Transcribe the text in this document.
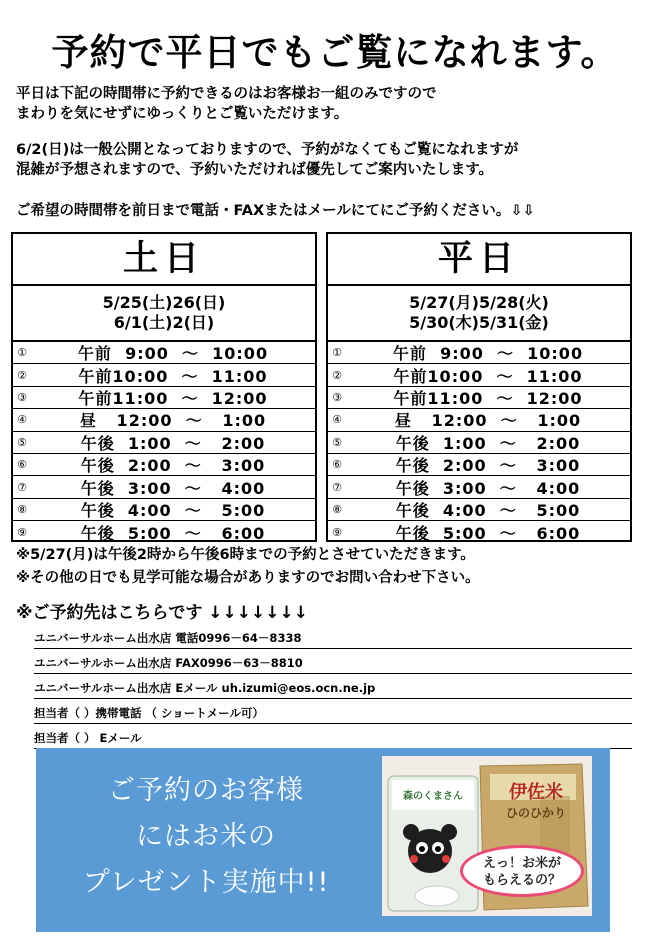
予約で平日でもご覧になれます。
平日は下記の時間帯に予約できるのはお客様お一組のみですので
まわりを気にせずにゆっくりとご覧いただけます。
6/2(日)は一般公開となっておりますので、予約がなくてもご覧になれますが
混雑が予想されますので、予約いただければ優先してご案内いたします。
ご希望の時間帯を前日まで電話・FAXまたはメールにてにご予約ください。⇩⇩
土日
5/25(土)26(日)
6/1(土)2(日)
①	午前  9:00  ～  10:00
②	午前10:00  ～  11:00
③	午前11:00  ～  12:00
④	昼   12:00  ～   1:00
⑤	午後  1:00  ～   2:00
⑥	午後  2:00  ～   3:00
⑦	午後  3:00  ～   4:00
⑧	午後  4:00  ～   5:00
⑨	午後  5:00  ～   6:00
平日
5/27(月)5/28(火)
5/30(木)5/31(金)
①	午前  9:00  ～  10:00
②	午前10:00  ～  11:00
③	午前11:00  ～  12:00
④	昼   12:00  ～   1:00
⑤	午後  1:00  ～   2:00
⑥	午後  2:00  ～   3:00
⑦	午後  3:00  ～   4:00
⑧	午後  4:00  ～   5:00
⑨	午後  5:00  ～   6:00
※5/27(月)は午後2時から午後6時までの予約とさせていただきます。
※その他の日でも見学可能な場合がありますのでお問い合わせ下さい。
※ご予約先はこちらです ↓↓↓↓↓↓↓
ユニバーサルホーム出水店 電話0996－64－8338
ユニバーサルホーム出水店 FAX0996－63－8810
ユニバーサルホーム出水店 Eメール uh.izumi@eos.ocn.ne.jp
担当者（ ）携帯電話 （ ショートメール可）
担当者（ ） Eメール
ご予約のお客様
にはお米の
プレゼント実施中!!
森のくまさん	伊佐米
ひのひかり
えっ！お米が
もらえるの？
